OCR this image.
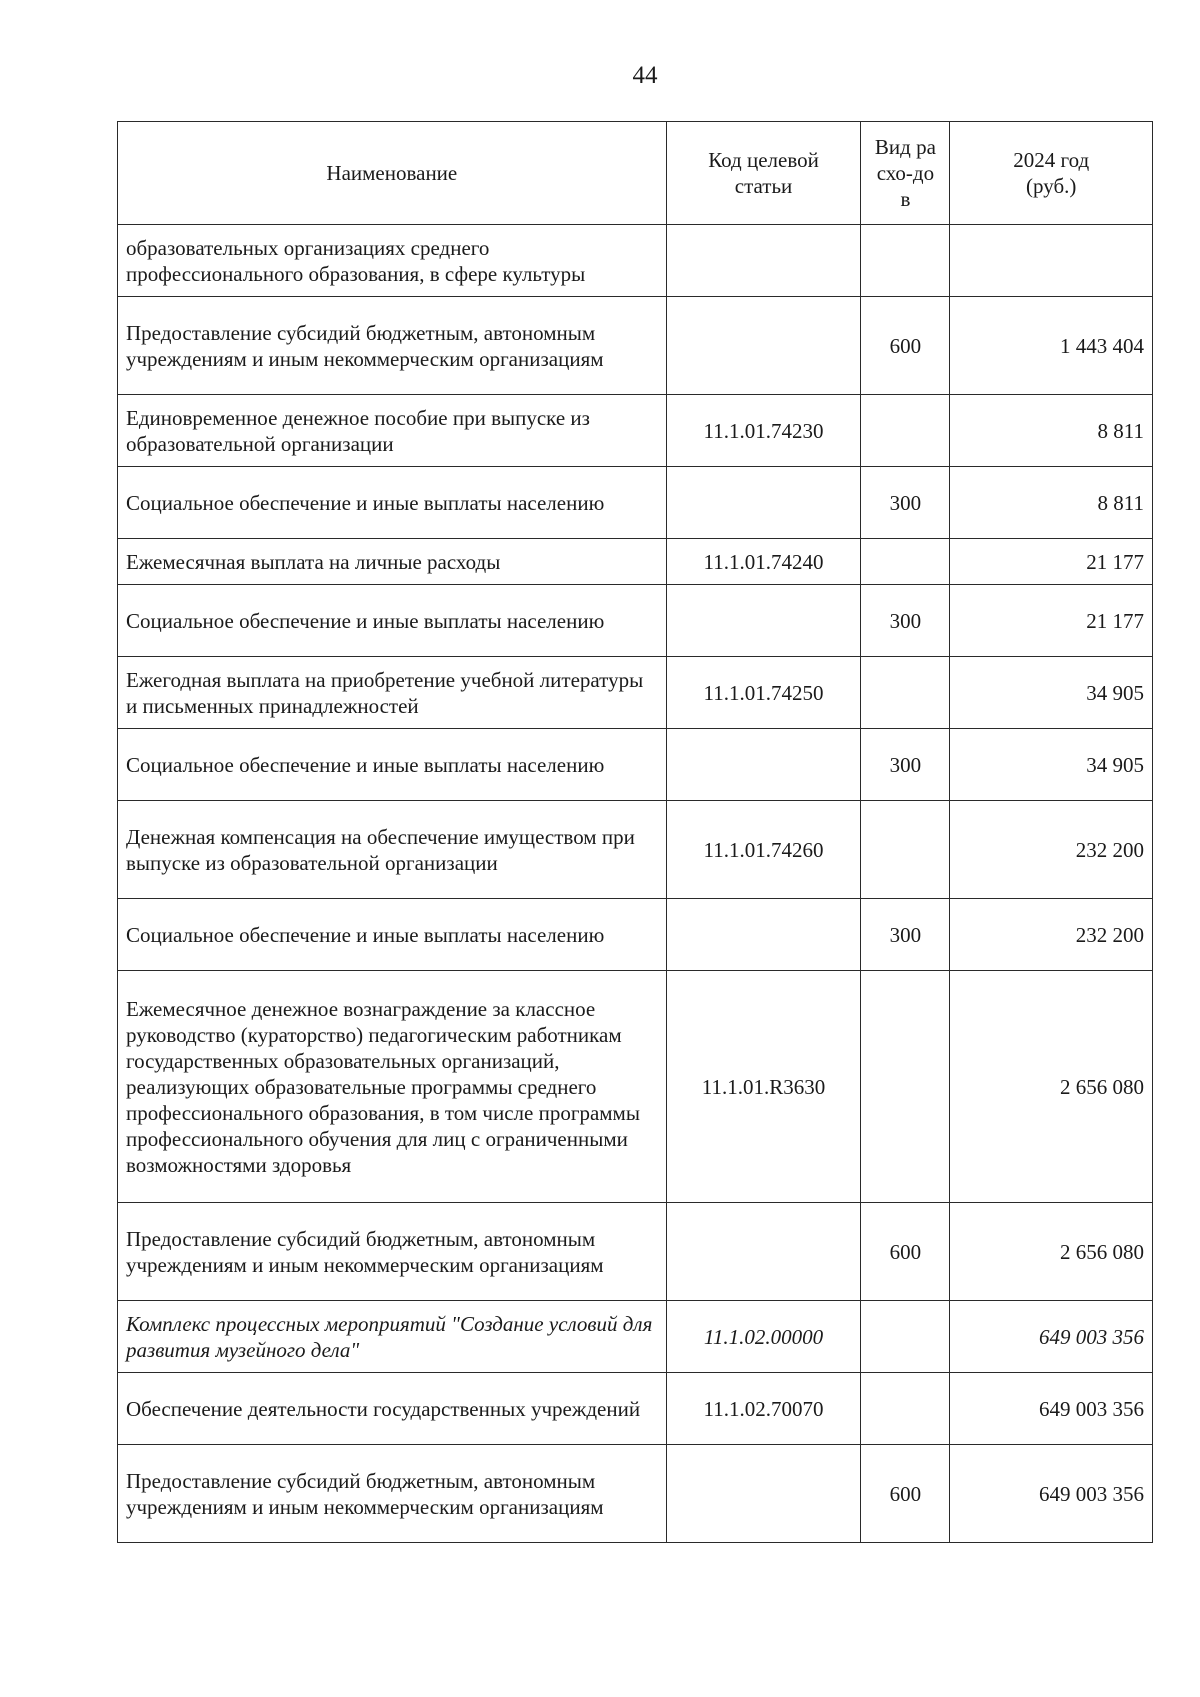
44
Наименование	Код целевой статьи	Вид расхо-дов	2024 год (руб.)
образовательных организациях среднего профессионального образования, в сфере культуры			
Предоставление субсидий бюджетным, автономным учреждениям и иным некоммерческим организациям		600	1 443 404
Единовременное денежное пособие при выпуске из образовательной организации	11.1.01.74230		8 811
Социальное обеспечение и иные выплаты населению		300	8 811
Ежемесячная выплата на личные расходы	11.1.01.74240		21 177
Социальное обеспечение и иные выплаты населению		300	21 177
Ежегодная выплата на приобретение учебной литературы и письменных принадлежностей	11.1.01.74250		34 905
Социальное обеспечение и иные выплаты населению		300	34 905
Денежная компенсация на обеспечение имуществом при выпуске из образовательной организации	11.1.01.74260		232 200
Социальное обеспечение и иные выплаты населению		300	232 200
Ежемесячное денежное вознаграждение за классное руководство (кураторство) педагогическим работникам государственных образовательных организаций, реализующих образовательные программы среднего профессионального образования, в том числе программы профессионального обучения для лиц с ограниченными возможностями здоровья	11.1.01.R3630		2 656 080
Предоставление субсидий бюджетным, автономным учреждениям и иным некоммерческим организациям		600	2 656 080
Комплекс процессных мероприятий "Создание условий для развития музейного дела"	11.1.02.00000		649 003 356
Обеспечение деятельности государственных учреждений	11.1.02.70070		649 003 356
Предоставление субсидий бюджетным, автономным учреждениям и иным некоммерческим организациям		600	649 003 356
